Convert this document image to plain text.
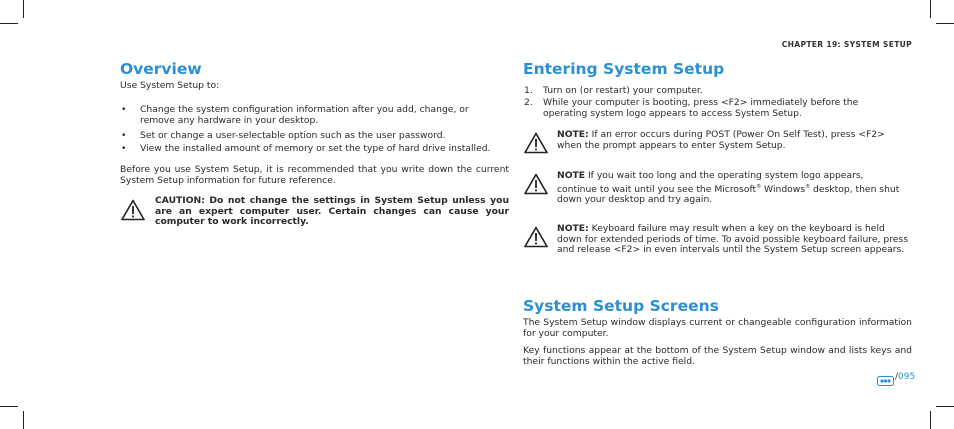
CHAPTER 19: SYSTEM SETUP
Overview

Use System Setup to:

• Change the system configuration information after you add, change, or remove any hardware in your desktop.

• Set or change a user-selectable option such as the user password.

• View the installed amount of memory or set the type of hard drive installed.

Before you use System Setup, it is recommended that you write down the current System Setup information for future reference.

CAUTION: Do not change the settings in System Setup unless you are an expert computer user. Certain changes can cause your computer to work incorrectly.

Entering System Setup
1. Turn on (or restart) your computer.

2. While your computer is booting, press <F2> immediately before the operating system logo appears to access System Setup.

NOTE: If an error occurs during POST (Power On Self Test), press <F2> when the prompt appears to enter System Setup.

NOTE If you wait too long and the operating system logo appears, continue to wait until you see the Microsoft® Windows® desktop, then shut down your desktop and try again.

NOTE: Keyboard failure may result when a key on the keyboard is held down for extended periods of time. To avoid possible keyboard failure, press and release <F2> in even intervals until the System Setup screen appears.

System Setup Screens

The System Setup window displays current or changeable configuration information for your computer.

Key functions appear at the bottom of the System Setup window and lists keys and their functions within the active field.

/095
